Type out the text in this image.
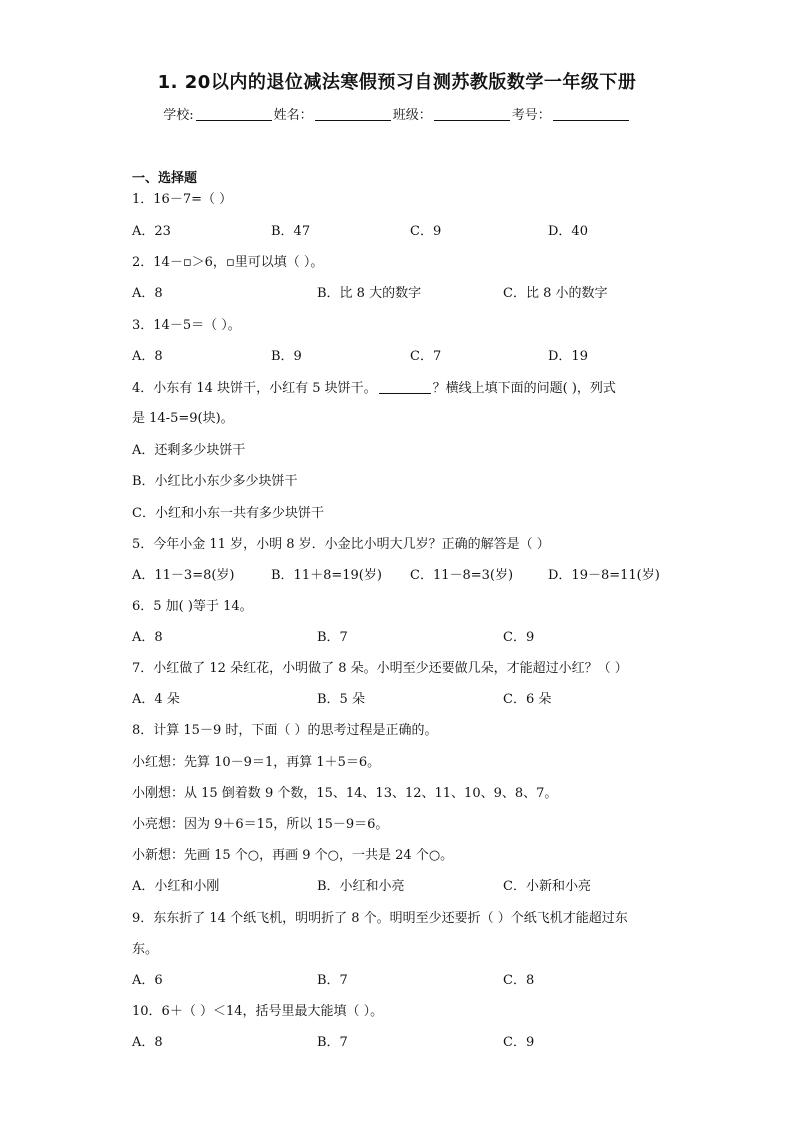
1. 20以内的退位减法寒假预习自测苏教版数学一年级下册
学校:	姓名：	班级：	考号：
一、选择题
1．16－7=（ ）
A．23	B．47	C．9	D．40
2．14－▫＞6，▫里可以填（ ）。
A．8	B．比 8 大的数字	C．比 8 小的数字
3．14－5＝（ ）。
A．8	B．9	C．7	D．19
4．小东有 14 块饼干，小红有 5 块饼干。	？横线上填下面的问题( )，列式
是 14-5=9(块)。
A．还剩多少块饼干
B．小红比小东少多少块饼干
C．小红和小东一共有多少块饼干
5．今年小金 11 岁，小明 8 岁．小金比小明大几岁？正确的解答是（ ）
A．11－3=8(岁)	B．11＋8=19(岁) C．11－8=3(岁)	D．19－8=11(岁)
6．5 加( )等于 14。
A．8	B．7	C．9
7．小红做了 12 朵红花，小明做了 8 朵。小明至少还要做几朵，才能超过小红？（ ）
A．4 朵	B．5 朵	C．6 朵
8．计算 15－9 时，下面（ ）的思考过程是正确的。
小红想：先算 10－9＝1，再算 1＋5＝6。
小刚想：从 15 倒着数 9 个数，15、14、13、12、11、10、9、8、7。
小亮想：因为 9＋6＝15，所以 15－9＝6。
小新想：先画 15 个○，再画 9 个○，一共是 24 个○。
A．小红和小刚	B．小红和小亮	C．小新和小亮
9．东东折了 14 个纸飞机，明明折了 8 个。明明至少还要折（ ）个纸飞机才能超过东
东。
A．6	B．7	C．8
10．6＋（ ）＜14，括号里最大能填（ ）。
A．8	B．7	C．9
